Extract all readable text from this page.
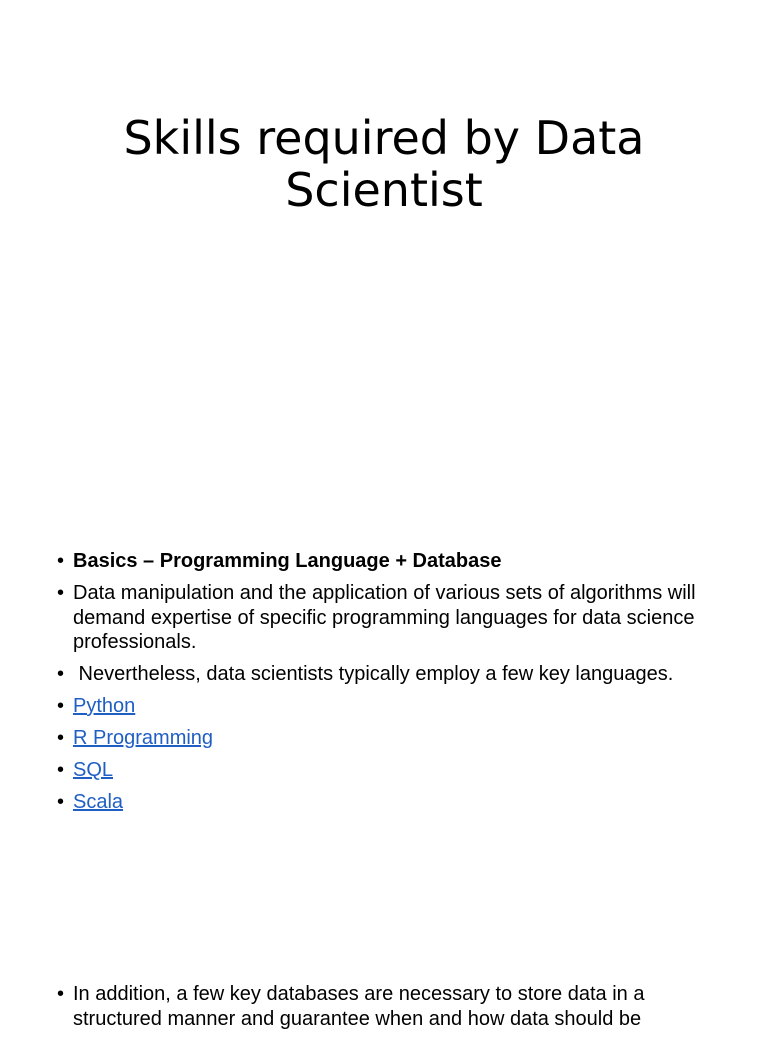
Skills required by Data Scientist
• Basics – Programming Language + Database
• Data manipulation and the application of various sets of algorithms will demand expertise of specific programming languages for data science professionals.
• Nevertheless, data scientists typically employ a few key languages.
• Python
• R Programming
• SQL
• Scala
• In addition, a few key databases are necessary to store data in a structured manner and guarantee when and how data should be
